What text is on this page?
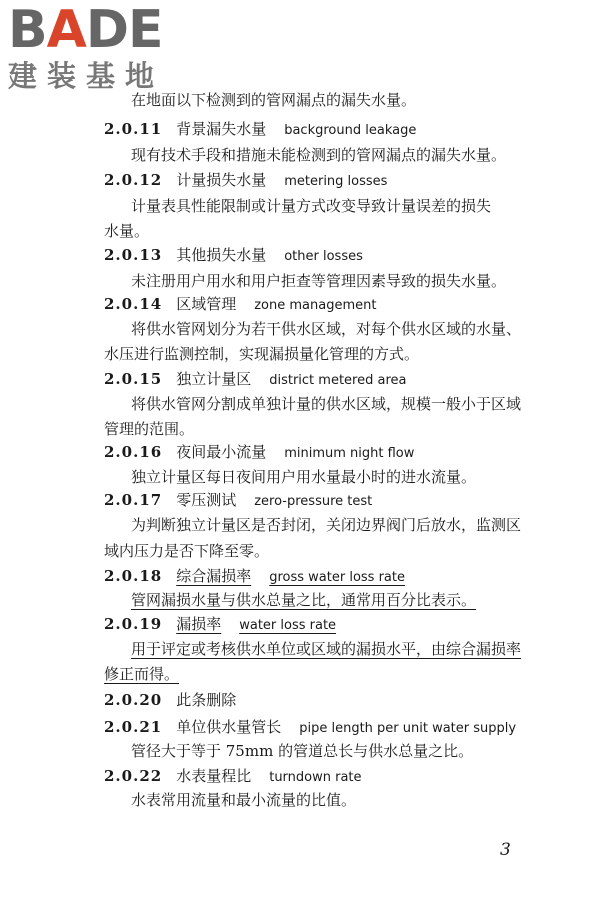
BADE
建装基地
在地面以下检测到的管网漏点的漏失水量。
2.0.11 背景漏失水量 background leakage
现有技术手段和措施未能检测到的管网漏点的漏失水量。
2.0.12 计量损失水量 metering losses
计量表具性能限制或计量方式改变导致计量误差的损失
水量。
2.0.13 其他损失水量 other losses
未注册用户用水和用户拒查等管理因素导致的损失水量。
2.0.14 区域管理 zone management
将供水管网划分为若干供水区域，对每个供水区域的水量、
水压进行监测控制，实现漏损量化管理的方式。
2.0.15 独立计量区 district metered area
将供水管网分割成单独计量的供水区域，规模一般小于区域
管理的范围。
2.0.16 夜间最小流量 minimum night flow
独立计量区每日夜间用户用水量最小时的进水流量。
2.0.17 零压测试 zero-pressure test
为判断独立计量区是否封闭，关闭边界阀门后放水，监测区
域内压力是否下降至零。
2.0.18 综合漏损率 gross water loss rate
管网漏损水量与供水总量之比，通常用百分比表示。
2.0.19 漏损率 water loss rate
用于评定或考核供水单位或区域的漏损水平，由综合漏损率
修正而得。
2.0.20 此条删除
2.0.21 单位供水量管长 pipe length per unit water supply
管径大于等于 75mm 的管道总长与供水总量之比。
2.0.22 水表量程比 turndown rate
水表常用流量和最小流量的比值。
3
